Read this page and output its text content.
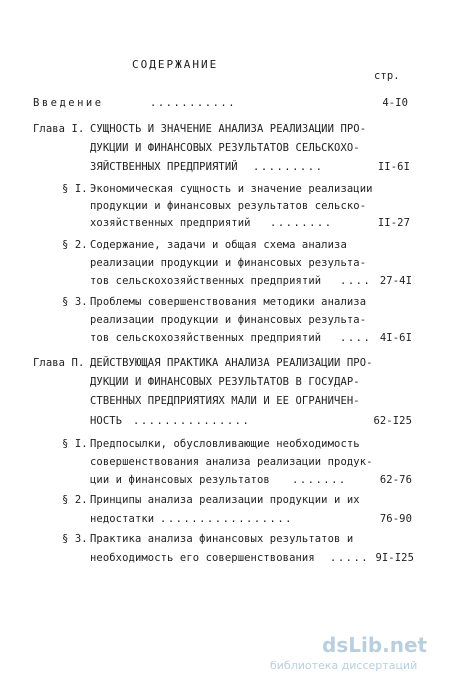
СОДЕРЖАНИЕ
стр.
Введение	...........	4-I0
Глава I. СУЩНОСТЬ И ЗНАЧЕНИЕ АНАЛИЗА РЕАЛИЗАЦИИ ПРО-
ДУКЦИИ И ФИНАНСОВЫХ РЕЗУЛЬТАТОВ СЕЛЬСКОХО-
ЗЯЙСТВЕННЫХ ПРЕДПРИЯТИЙ .........	II-6I
§ I. Экономическая сущность и значение реализации
продукции и финансовых результатов сельско-
хозяйственных предприятий ........	II-27
§ 2. Содержание, задачи и общая схема анализа
реализации продукции и финансовых результа-
тов сельскохозяйственных предприятий .... 27-4I
§ 3. Проблемы совершенствования методики анализа
реализации продукции и финансовых результа-
тов сельскохозяйственных предприятий .... 4I-6I
Глава П. ДЕЙСТВУЮЩАЯ ПРАКТИКА АНАЛИЗА РЕАЛИЗАЦИИ ПРО-
ДУКЦИИ И ФИНАНСОВЫХ РЕЗУЛЬТАТОВ В ГОСУДАР-
СТВЕННЫХ ПРЕДПРИЯТИЯХ МАЛИ И ЕЕ ОГРАНИЧЕН-
НОСТЬ ...............	62-I25
§ I. Предпосылки, обусловливающие необходимость
совершенствования анализа реализации продук-
ции и финансовых результатов .......	62-76
§ 2. Принципы анализа реализации продукции и их
недостатки .................	76-90
§ 3. Практика анализа финансовых результатов и
необходимость его совершенствования ..... 9I-I25
dsLib.net
библиотека диссертаций
